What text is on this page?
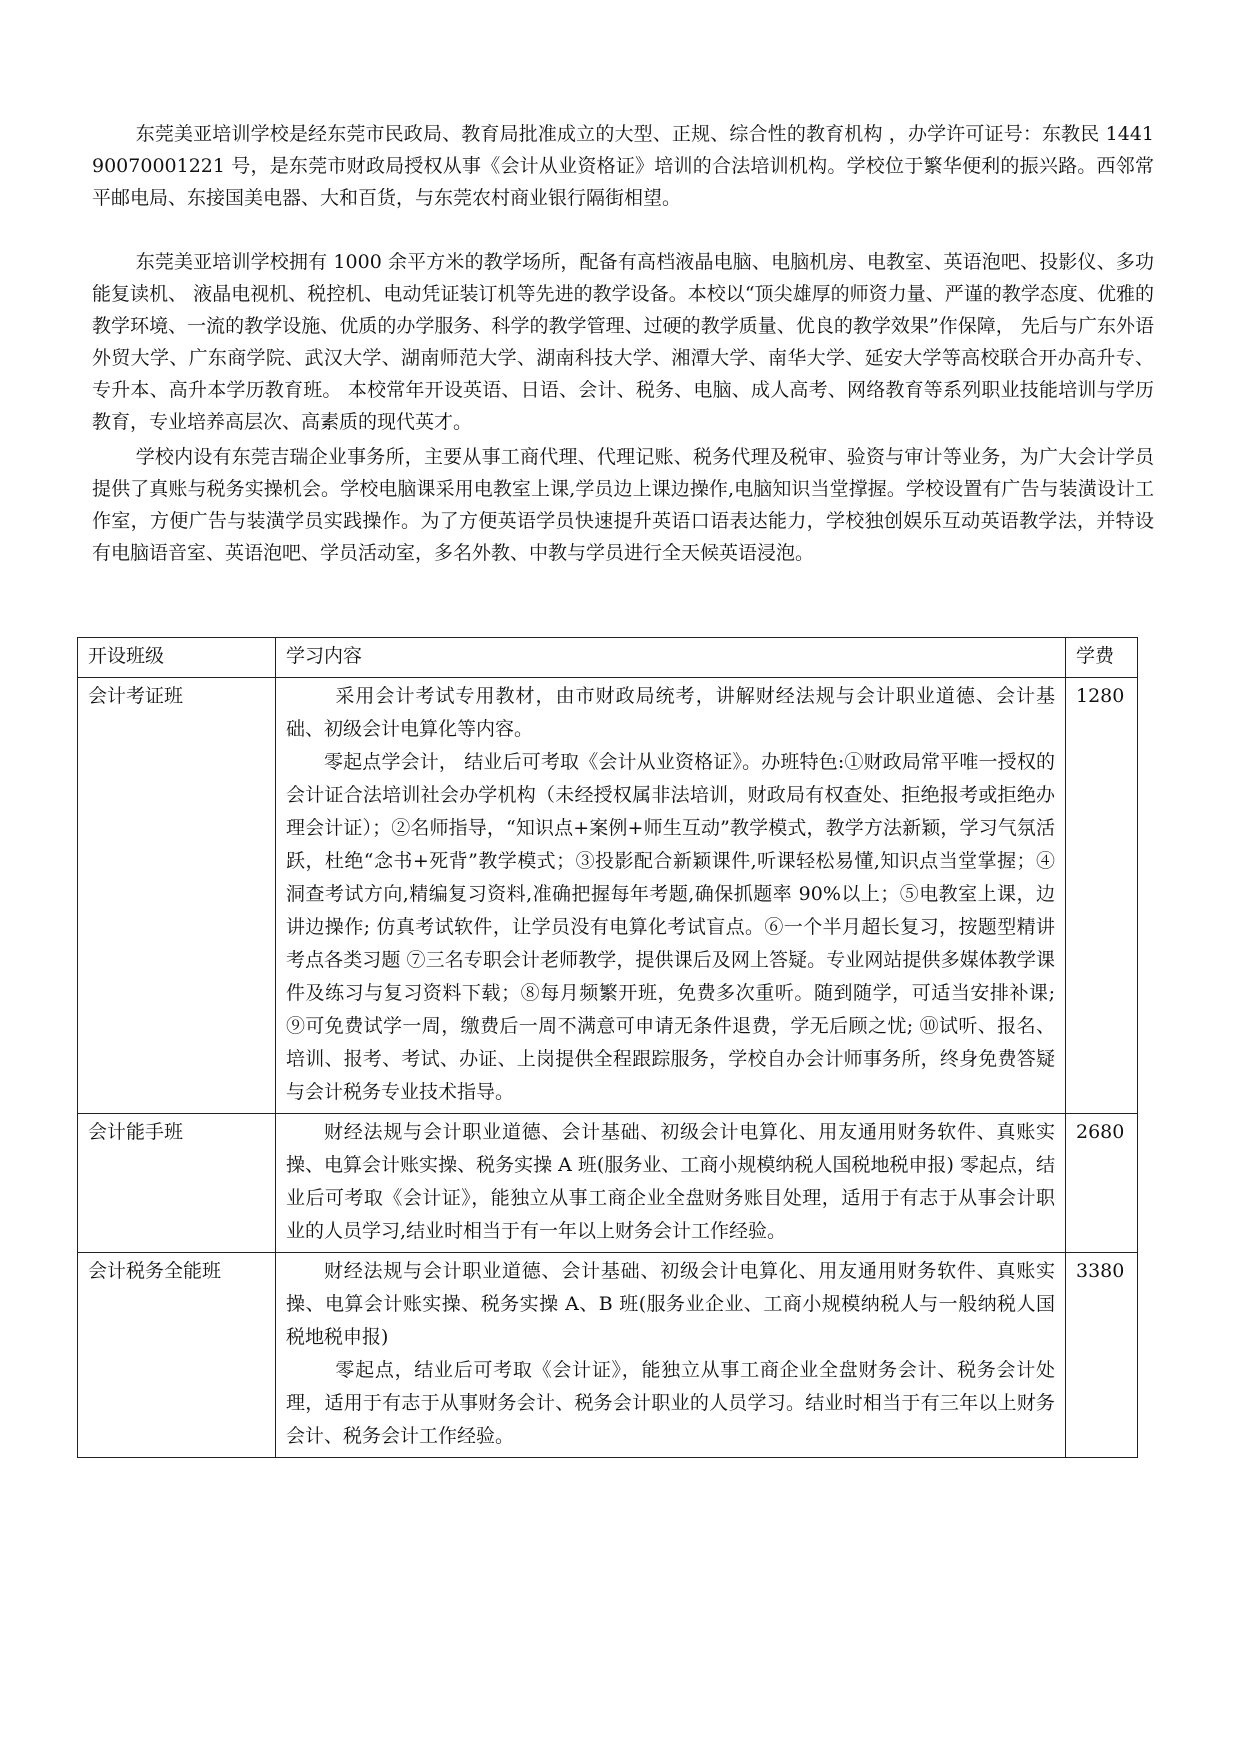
东莞美亚培训学校是经东莞市民政局、教育局批准成立的大型、正规、综合性的教育机构 ，办学许可证号：东教民 144190070001221 号，是东莞市财政局授权从事《会计从业资格证》培训的合法培训机构。学校位于繁华便利的振兴路。西邻常平邮电局、东接国美电器、大和百货，与东莞农村商业银行隔街相望。

东莞美亚培训学校拥有 1000 余平方米的教学场所，配备有高档液晶电脑、电脑机房、电教室、英语泡吧、投影仪、多功能复读机、 液晶电视机、税控机、电动凭证装订机等先进的教学设备。本校以“顶尖雄厚的师资力量、严谨的教学态度、优雅的教学环境、一流的教学设施、优质的办学服务、科学的教学管理、过硬的教学质量、优良的教学效果”作保障， 先后与广东外语外贸大学、广东商学院、武汉大学、湖南师范大学、湖南科技大学、湘潭大学、南华大学、延安大学等高校联合开办高升专、专升本、高升本学历教育班。 本校常年开设英语、日语、会计、税务、电脑、成人高考、网络教育等系列职业技能培训与学历教育，专业培养高层次、高素质的现代英才。

学校内设有东莞吉瑞企业事务所，主要从事工商代理、代理记账、税务代理及税审、验资与审计等业务，为广大会计学员提供了真账与税务实操机会。学校电脑课采用电教室上课,学员边上课边操作,电脑知识当堂撑握。学校设置有广告与装潢设计工作室，方便广告与装潢学员实践操作。为了方便英语学员快速提升英语口语表达能力，学校独创娱乐互动英语教学法，并特设有电脑语音室、英语泡吧、学员活动室，多名外教、中教与学员进行全天候英语浸泡。

开设班级	学习内容	学费
会计考证班	采用会计考试专用教材，由市财政局统考，讲解财经法规与会计职业道德、会计基础、初级会计电算化等内容。

零起点学会计， 结业后可考取《会计从业资格证》。办班特色:①财政局常平唯一授权的会计证合法培训社会办学机构（未经授权属非法培训，财政局有权查处、拒绝报考或拒绝办理会计证）；②名师指导，“知识点+案例+师生互动”教学模式，教学方法新颖，学习气氛活跃，杜绝“念书+死背”教学模式；③投影配合新颖课件,听课轻松易懂,知识点当堂掌握；④洞查考试方向,精编复习资料,准确把握每年考题,确保抓题率 90%以上；⑤电教室上课，边讲边操作; 仿真考试软件，让学员没有电算化考试盲点。⑥一个半月超长复习，按题型精讲考点各类习题 ⑦三名专职会计老师教学，提供课后及网上答疑。专业网站提供多媒体教学课件及练习与复习资料下载；⑧每月频繁开班，免费多次重听。随到随学，可适当安排补课; ⑨可免费试学一周，缴费后一周不满意可申请无条件退费，学无后顾之忧; ⑩试听、报名、培训、报考、考试、办证、上岗提供全程跟踪服务，学校自办会计师事务所，终身免费答疑与会计税务专业技术指导。	1280
会计能手班	财经法规与会计职业道德、会计基础、初级会计电算化、用友通用财务软件、真账实操、电算会计账实操、税务实操 A 班(服务业、工商小规模纳税人国税地税申报) 零起点，结业后可考取《会计证》，能独立从事工商企业全盘财务账目处理，适用于有志于从事会计职业的人员学习,结业时相当于有一年以上财务会计工作经验。	2680
会计税务全能班	财经法规与会计职业道德、会计基础、初级会计电算化、用友通用财务软件、真账实操、电算会计账实操、税务实操 A、B 班(服务业企业、工商小规模纳税人与一般纳税人国税地税申报)

零起点，结业后可考取《会计证》，能独立从事工商企业全盘财务会计、税务会计处理，适用于有志于从事财务会计、税务会计职业的人员学习。结业时相当于有三年以上财务会计、税务会计工作经验。	3380
